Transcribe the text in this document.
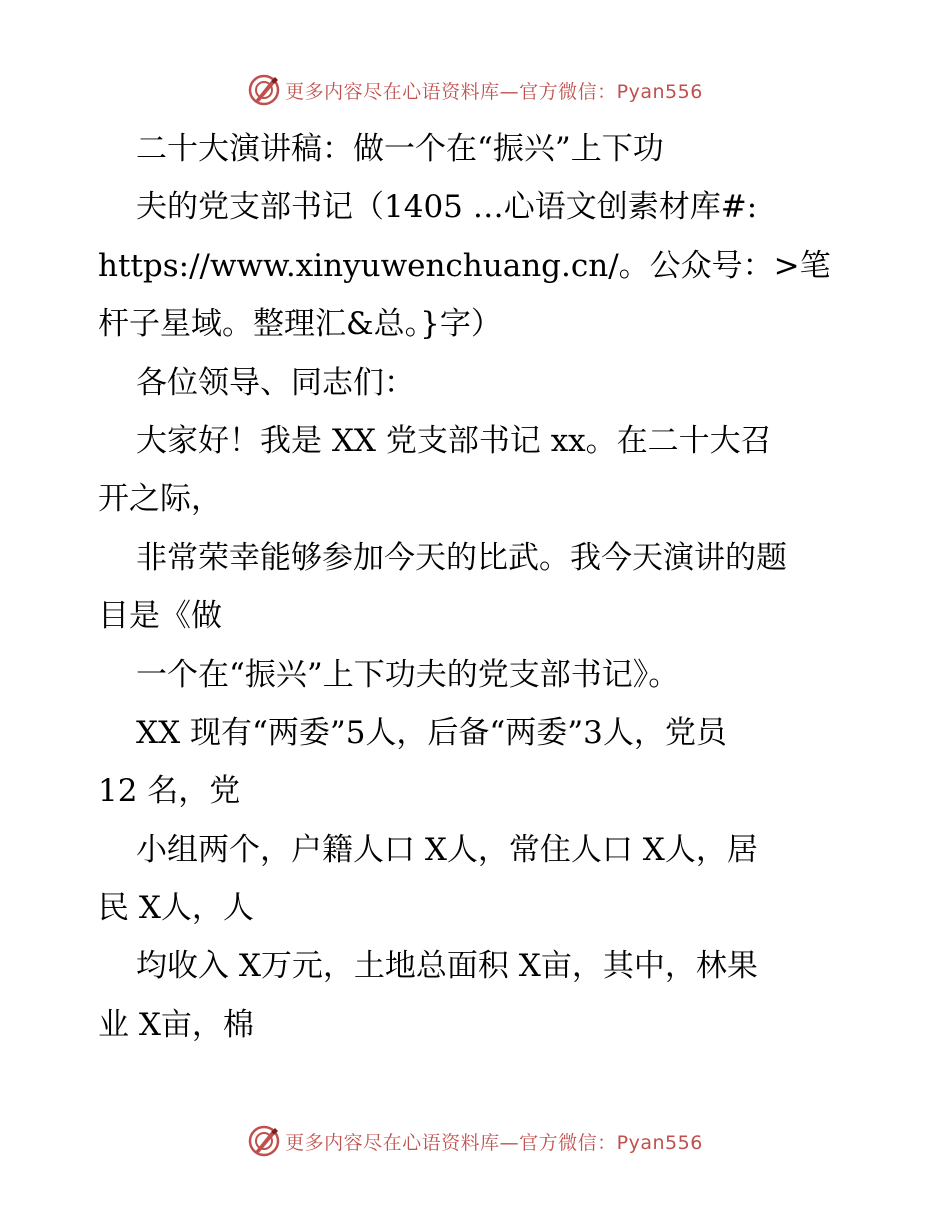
更多内容尽在心语资料库—官方微信：Pyan556
二十大演讲稿：做一个在“振兴”上下功
夫的党支部书记（1405 …心语文创素材库#:
https://www.xinyuwenchuang.cn/。公众号：>笔
杆子星域。整理汇&总。}字）
各位领导、同志们：
大家好！我是 XX 党支部书记 xx。在二十大召
开之际，
非常荣幸能够参加今天的比武。我今天演讲的题
目是《做
一个在“振兴”上下功夫的党支部书记》。
XX 现有“两委”5人，后备“两委”3人，党员
12 名，党
小组两个，户籍人口 X人，常住人口 X人，居
民 X人，人
均收入 X万元，土地总面积 X亩，其中，林果
业 X亩，棉
更多内容尽在心语资料库—官方微信：Pyan556
